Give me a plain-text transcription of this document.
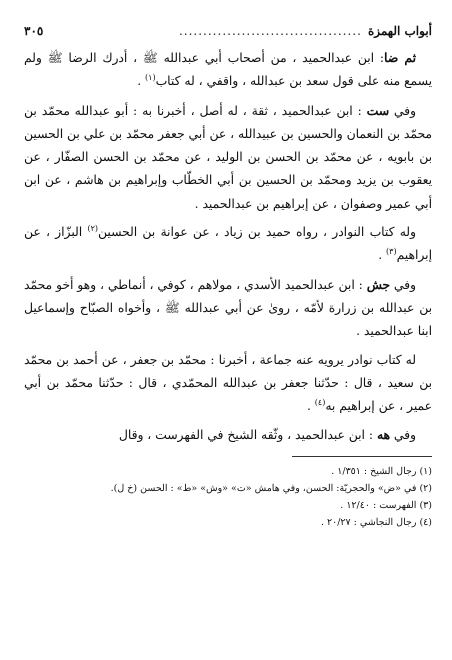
أبواب الهمزة
......................................
٣٠٥

ثم ضا: ابن عبدالحميد ، من أصحاب أبي عبدالله ﷺ ، أدرك الرضا ﷺ ولم يسمع منه على قول سعد بن عبدالله ، واقفي ، له كتاب$^{(١)}$ .

وفي ست : ابن عبدالحميد ، ثقة ، له أصل ، أخبرنا به : أبو عبدالله محمّد بن محمّد بن النعمان والحسين بن عبيدالله ، عن أبي جعفر محمّد بن علي بن الحسين بن بابويه ، عن محمّد بن الحسن بن الوليد ، عن محمّد بن الحسن الصفّار ، عن يعقوب بن يزيد ومحمّد بن الحسين بن أبي الخطّاب وإبراهيم بن هاشم ، عن ابن أبي عمير وصفوان ، عن إبراهيم بن عبدالحميد .

وله كتاب النوادر ، رواه حميد بن زياد ، عن عوانة بن الحسين$^{(٢)}$ البزّاز ، عن إبراهيم$^{(٣)}$ .

وفي جش : ابن عبدالحميد الأسدي ، مولاهم ، كوفي ، أنماطي ، وهو أخو محمّد بن عبدالله بن زرارة لأمّه ، روىٰ عن أبي عبدالله ﷺ ، وأخواه الصبّاح وإسماعيل ابنا عبدالحميد .

له كتاب نوادر يرويه عنه جماعة ، أخبرنا : محمّد بن جعفر ، عن أحمد بن محمّد بن سعيد ، قال : حدّثنا جعفر بن عبدالله المحمّدي ، قال : حدّثنا محمّد بن أبي عمير ، عن إبراهيم به$^{(٤)}$ .

وفي هه : ابن عبدالحميد ، وثّقه الشيخ في الفهرست ، وقال

(١) رجال الشيخ : ١/٣٥١ .
(٢) في «ض» والحجريّة: الحسن، وفي هامش «ت» «وش» «ط» : الحسن (خ ل).
(٣) الفهرست : ١٢/٤٠ .
(٤) رجال النجاشي : ٢٠/٢٧ .
